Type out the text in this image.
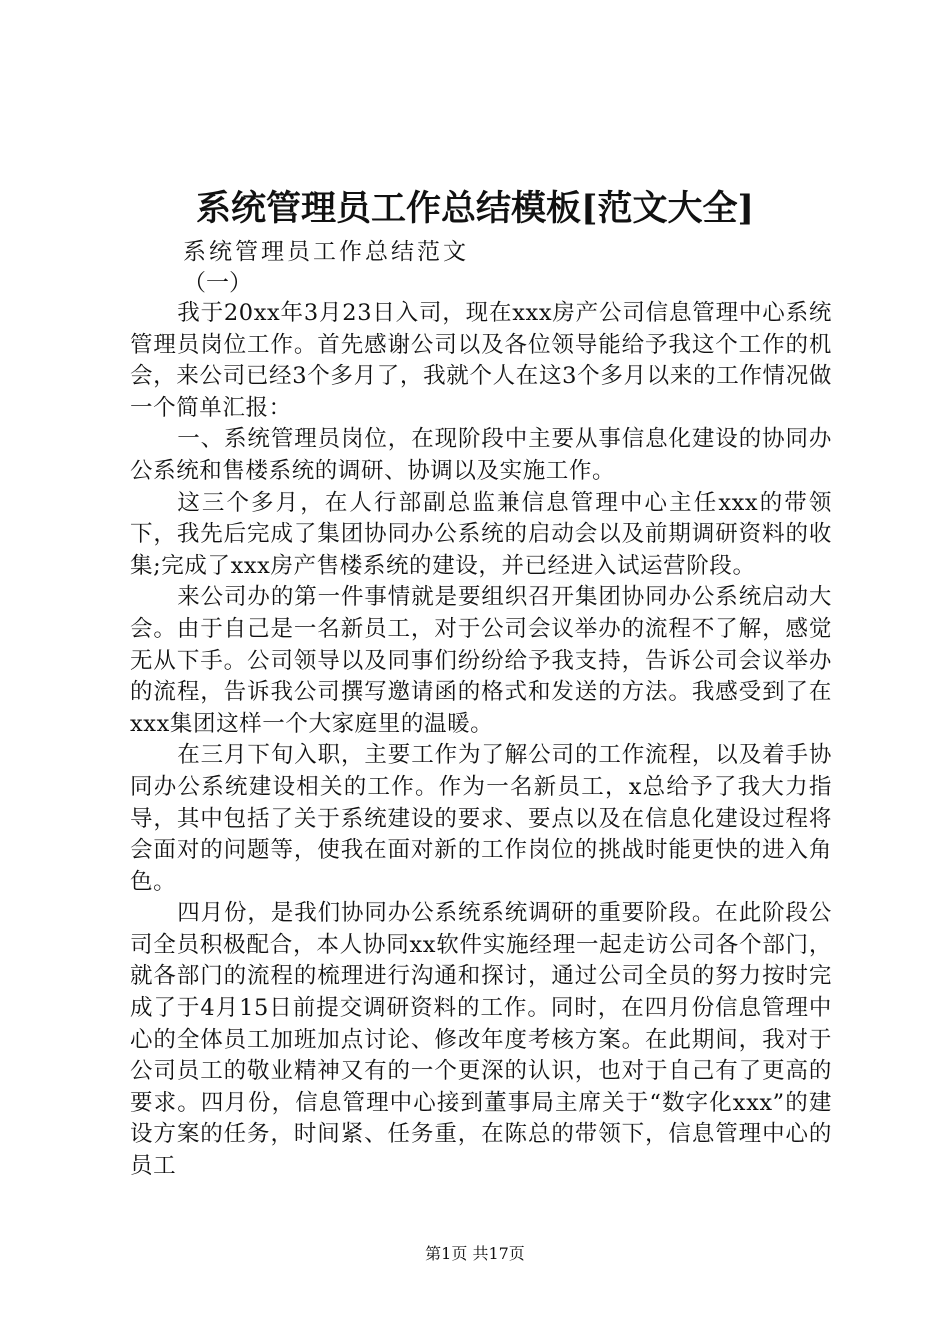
系统管理员工作总结模板[范文大全]
系统管理员工作总结范文
（一）

我于20xx年3月23日入司，现在xxx房产公司信息管理中心系统管理员岗位工作。首先感谢公司以及各位领导能给予我这个工作的机会，来公司已经3个多月了，我就个人在这3个多月以来的工作情况做一个简单汇报：

一、系统管理员岗位，在现阶段中主要从事信息化建设的协同办公系统和售楼系统的调研、协调以及实施工作。

这三个多月，在人行部副总监兼信息管理中心主任xxx的带领下，我先后完成了集团协同办公系统的启动会以及前期调研资料的收集;完成了xxx房产售楼系统的建设，并已经进入试运营阶段。

来公司办的第一件事情就是要组织召开集团协同办公系统启动大会。由于自己是一名新员工，对于公司会议举办的流程不了解，感觉无从下手。公司领导以及同事们纷纷给予我支持，告诉公司会议举办的流程，告诉我公司撰写邀请函的格式和发送的方法。我感受到了在xxx集团这样一个大家庭里的温暖。

在三月下旬入职，主要工作为了解公司的工作流程，以及着手协同办公系统建设相关的工作。作为一名新员工，x总给予了我大力指导，其中包括了关于系统建设的要求、要点以及在信息化建设过程将会面对的问题等，使我在面对新的工作岗位的挑战时能更快的进入角色。

四月份，是我们协同办公系统系统调研的重要阶段。在此阶段公司全员积极配合，本人协同xx软件实施经理一起走访公司各个部门，就各部门的流程的梳理进行沟通和探讨，通过公司全员的努力按时完成了于4月15日前提交调研资料的工作。同时，在四月份信息管理中心的全体员工加班加点讨论、修改年度考核方案。在此期间，我对于公司员工的敬业精神又有的一个更深的认识，也对于自己有了更高的要求。四月份，信息管理中心接到董事局主席关于“数字化xxx”的建设方案的任务，时间紧、任务重，在陈总的带领下，信息管理中心的员工

第1页 共17页
